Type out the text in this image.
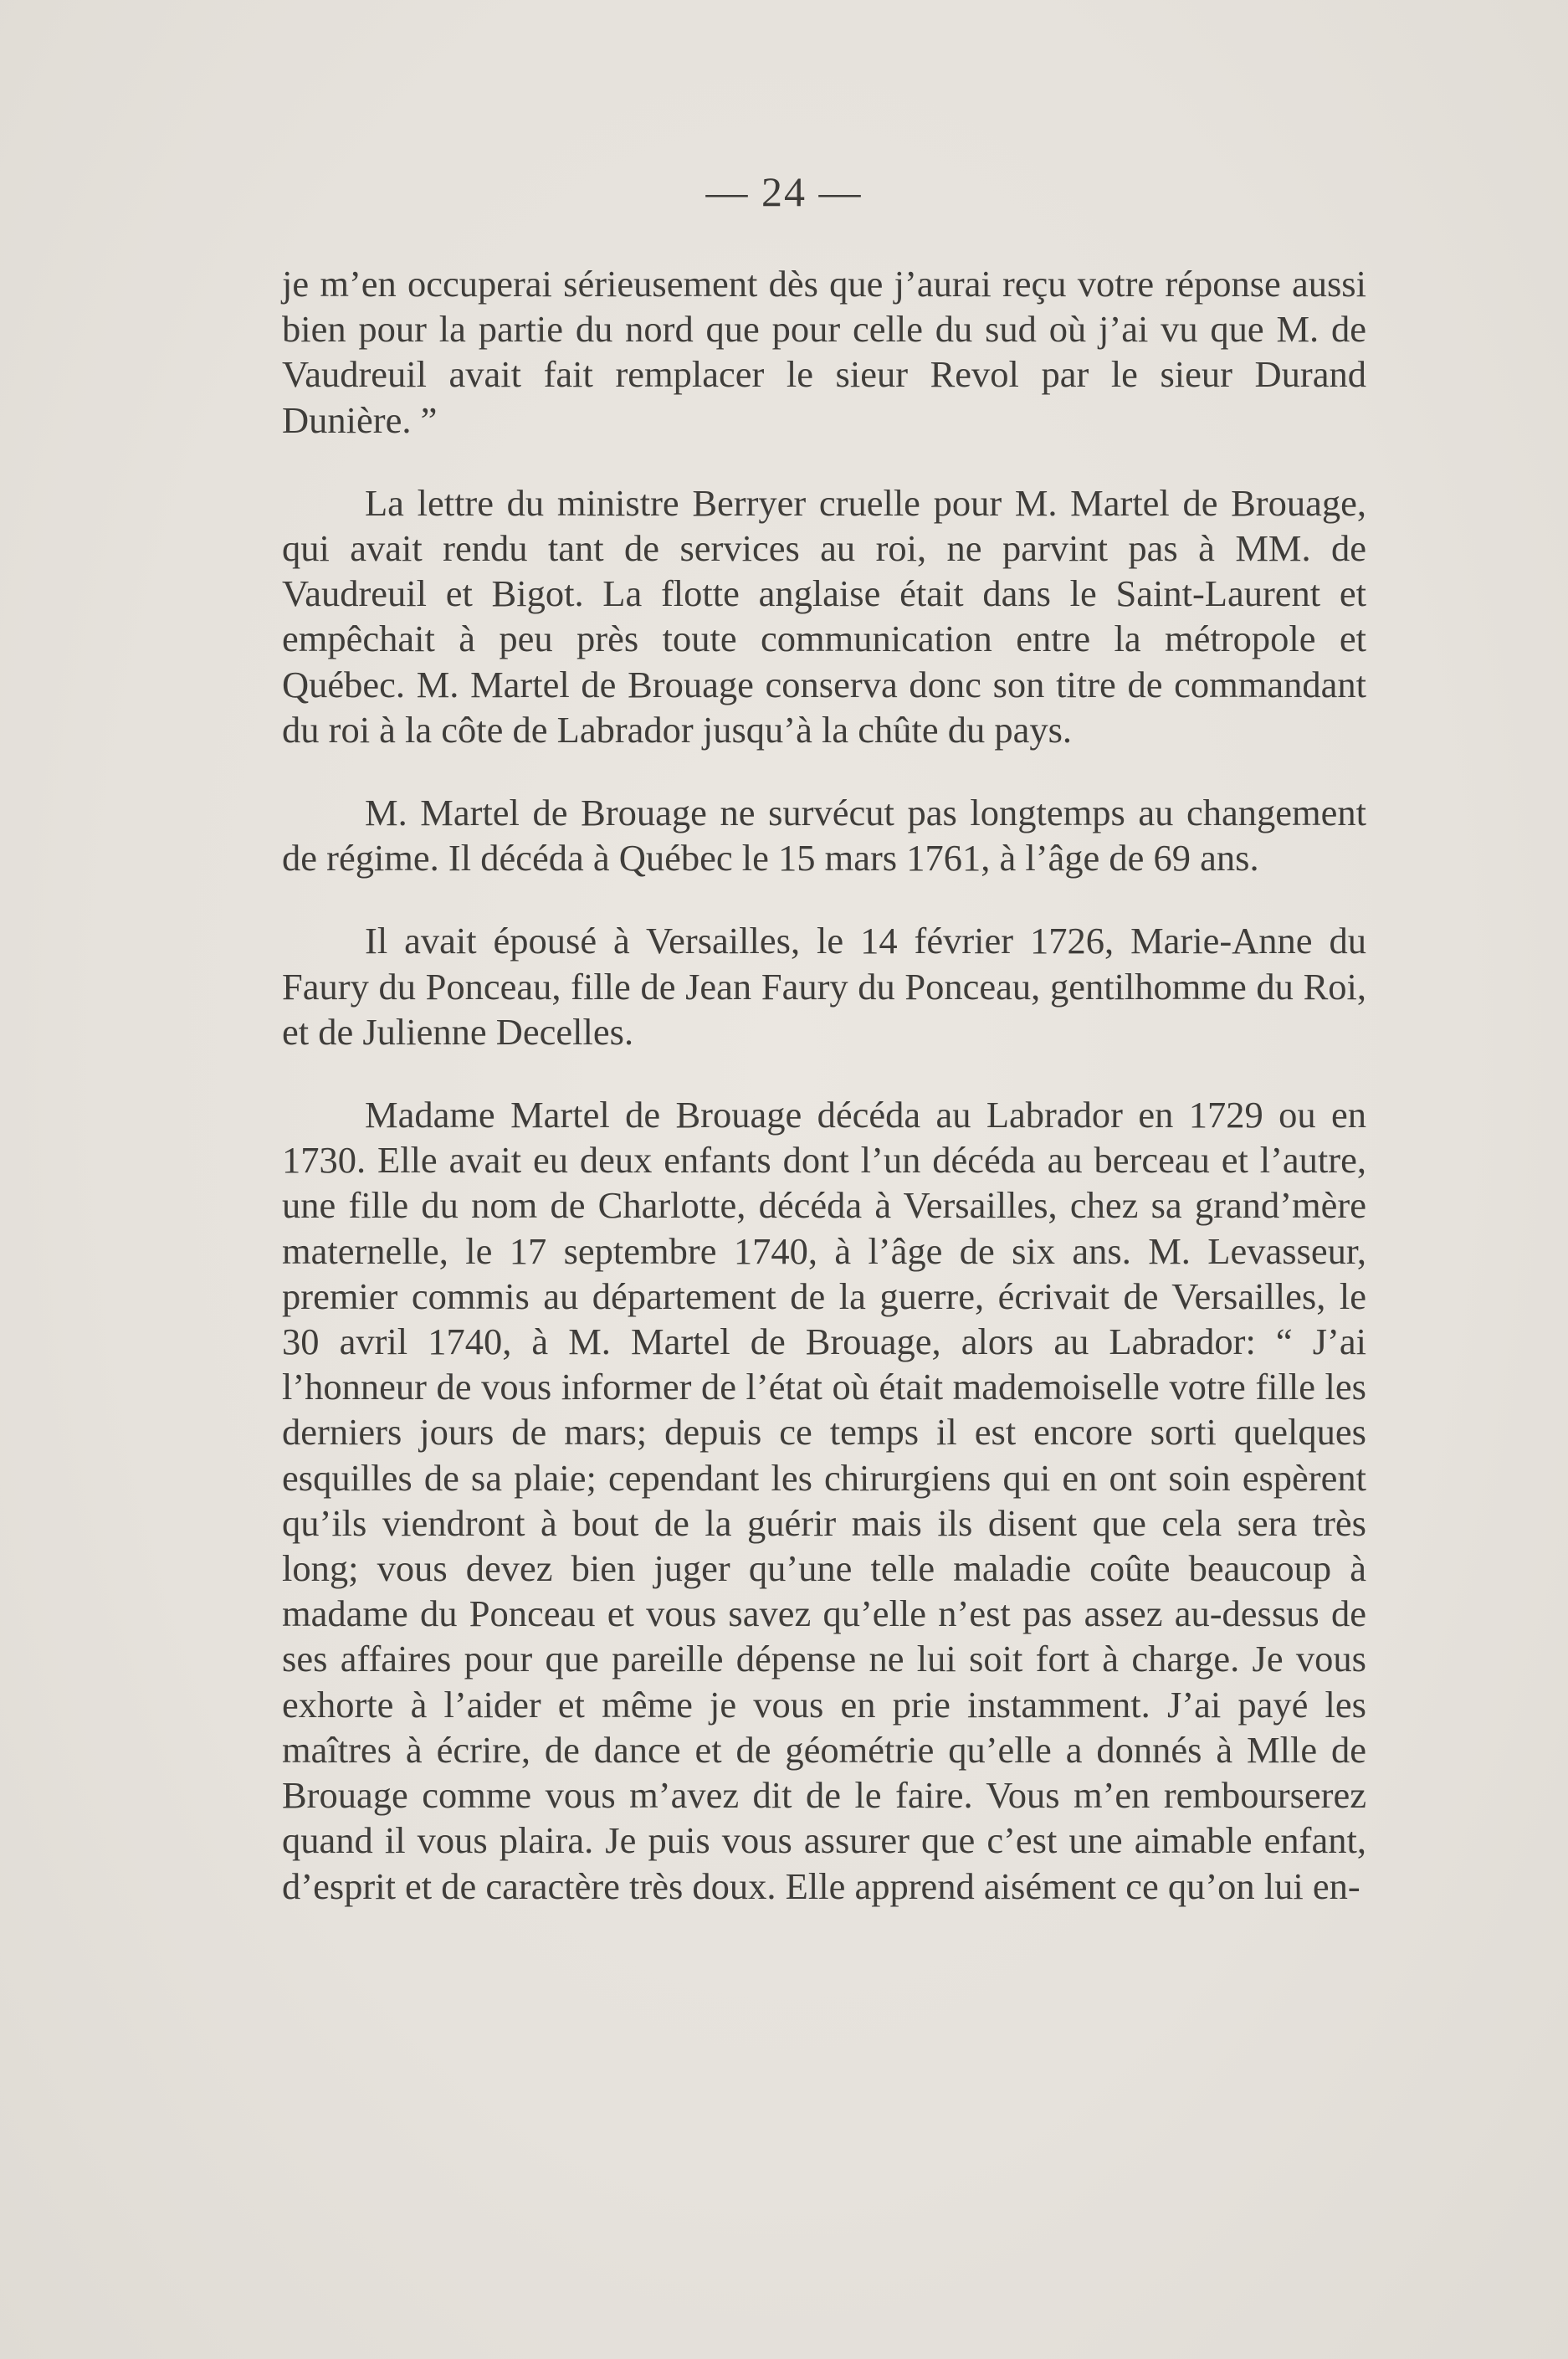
— 24 —

je m’en occuperai sérieusement dès que j’aurai reçu votre réponse aussi bien pour la partie du nord que pour celle du sud où j’ai vu que M. de Vaudreuil avait fait remplacer le sieur Revol par le sieur Durand Dunière. ”

La lettre du ministre Berryer cruelle pour M. Martel de Brouage, qui avait rendu tant de services au roi, ne parvint pas à MM. de Vaudreuil et Bigot. La flotte anglaise était dans le Saint-Laurent et empêchait à peu près toute communication entre la métropole et Québec. M. Martel de Brouage conserva donc son titre de commandant du roi à la côte de Labrador jusqu’à la chûte du pays.

M. Martel de Brouage ne survécut pas longtemps au changement de régime. Il décéda à Québec le 15 mars 1761, à l’âge de 69 ans.

Il avait épousé à Versailles, le 14 février 1726, Marie-Anne du Faury du Ponceau, fille de Jean Faury du Ponceau, gentilhomme du Roi, et de Julienne Decelles.

Madame Martel de Brouage décéda au Labrador en 1729 ou en 1730. Elle avait eu deux enfants dont l’un décéda au berceau et l’autre, une fille du nom de Charlotte, décéda à Versailles, chez sa grand’mère maternelle, le 17 septembre 1740, à l’âge de six ans. M. Levasseur, premier commis au département de la guerre, écrivait de Versailles, le 30 avril 1740, à M. Martel de Brouage, alors au Labrador: “ J’ai l’honneur de vous informer de l’état où était mademoiselle votre fille les derniers jours de mars; depuis ce temps il est encore sorti quelques esquilles de sa plaie; cependant les chirurgiens qui en ont soin espèrent qu’ils viendront à bout de la guérir mais ils disent que cela sera très long; vous devez bien juger qu’une telle maladie coûte beaucoup à madame du Ponceau et vous savez qu’elle n’est pas assez au-dessus de ses affaires pour que pareille dépense ne lui soit fort à charge. Je vous exhorte à l’aider et même je vous en prie instamment. J’ai payé les maîtres à écrire, de dance et de géométrie qu’elle a donnés à Mlle de Brouage comme vous m’avez dit de le faire. Vous m’en rembourserez quand il vous plaira. Je puis vous assurer que c’est une aimable enfant, d’esprit et de caractère très doux. Elle apprend aisément ce qu’on lui en-
